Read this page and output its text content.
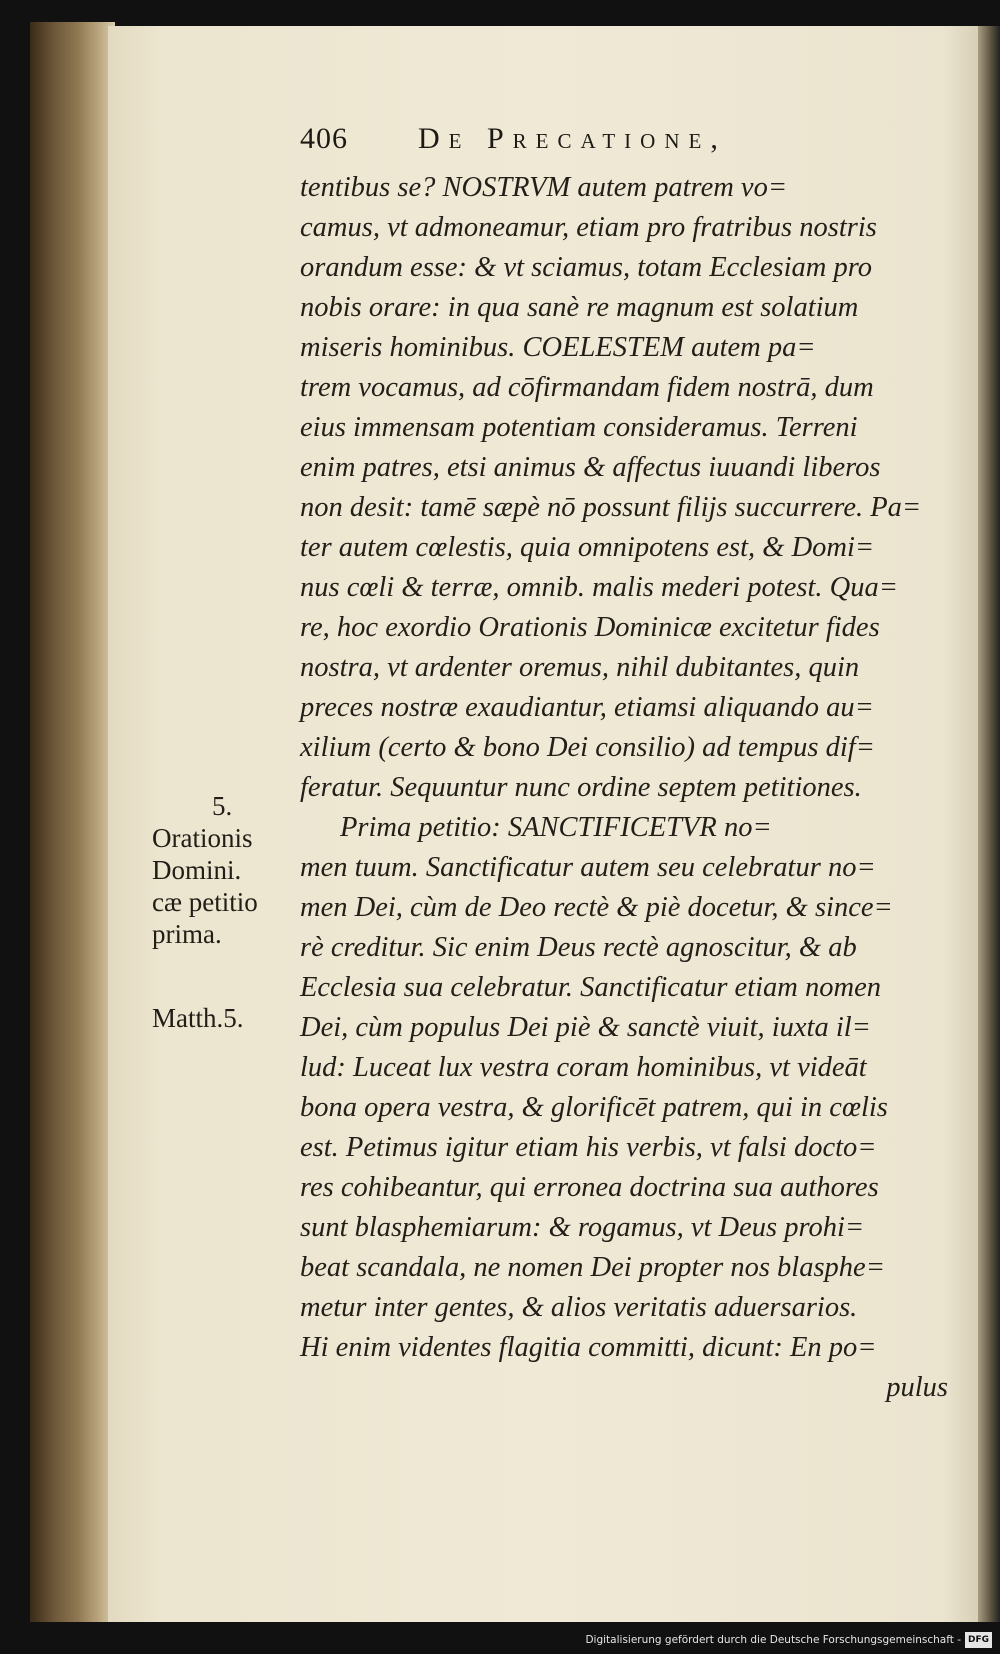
406 De Precatione,
5.
Orationis
Domini.
cæ petitio
prima.
Matth.5.
tentibus se? NOSTRVM autem patrem vo=
camus, vt admoneamur, etiam pro fratribus nostris
orandum esse: & vt sciamus, totam Ecclesiam pro
nobis orare: in qua sanè re magnum est solatium
miseris hominibus. COELESTEM autem pa=
trem vocamus, ad cōfirmandam fidem nostrā, dum
eius immensam potentiam consideramus. Terreni
enim patres, etsi animus & affectus iuuandi liberos
non desit: tamē sæpè nō possunt filijs succurrere. Pa=
ter autem cœlestis, quia omnipotens est, & Domi=
nus cœli & terræ, omnib. malis mederi potest. Qua=
re, hoc exordio Orationis Dominicæ excitetur fides
nostra, vt ardenter oremus, nihil dubitantes, quin
preces nostræ exaudiantur, etiamsi aliquando au=
xilium (certo & bono Dei consilio) ad tempus dif=
feratur. Sequuntur nunc ordine septem petitiones.
Prima petitio: SANCTIFICETVR no=
men tuum. Sanctificatur autem seu celebratur no=
men Dei, cùm de Deo rectè & piè docetur, & since=
rè creditur. Sic enim Deus rectè agnoscitur, & ab
Ecclesia sua celebratur. Sanctificatur etiam nomen
Dei, cùm populus Dei piè & sanctè viuit, iuxta il=
lud: Luceat lux vestra coram hominibus, vt videāt
bona opera vestra, & glorificēt patrem, qui in cœlis
est. Petimus igitur etiam his verbis, vt falsi docto=
res cohibeantur, qui erronea doctrina sua authores
sunt blasphemiarum: & rogamus, vt Deus prohi=
beat scandala, ne nomen Dei propter nos blasphe=
metur inter gentes, & alios veritatis aduersarios.
Hi enim videntes flagitia committi, dicunt: En po=
pulus
Digitalisierung gefördert durch die Deutsche Forschungsgemeinschaft - DFG
